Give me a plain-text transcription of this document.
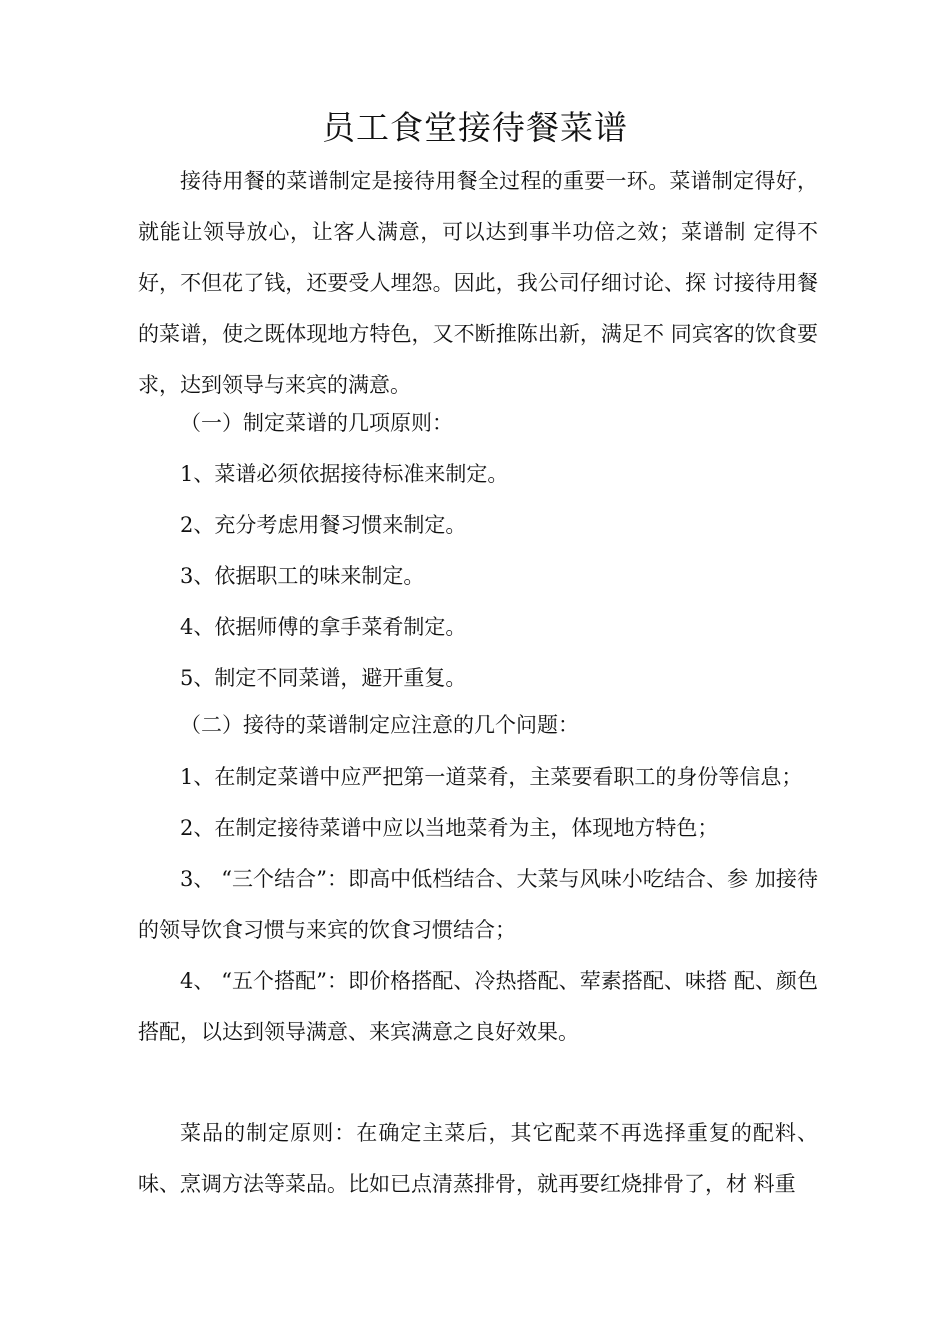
员工食堂接待餐菜谱

接待用餐的菜谱制定是接待用餐全过程的重要一环。菜谱制定得好，就能让领导放心，让客人满意，可以达到事半功倍之效；菜谱制 定得不好，不但花了钱，还要受人埋怨。因此，我公司仔细讨论、探 讨接待用餐的菜谱，使之既体现地方特色，又不断推陈出新，满足不 同宾客的饮食要求，达到领导与来宾的满意。

（一）制定菜谱的几项原则：

1、菜谱必须依据接待标准来制定。

2、充分考虑用餐习惯来制定。

3、依据职工的味来制定。

4、依据师傅的拿手菜肴制定。

5、制定不同菜谱，避开重复。

（二）接待的菜谱制定应注意的几个问题：

1、在制定菜谱中应严把第一道菜肴，主菜要看职工的身份等信息；

2、在制定接待菜谱中应以当地菜肴为主，体现地方特色；

3、 “三个结合”：即高中低档结合、大菜与风味小吃结合、参 加接待的领导饮食习惯与来宾的饮食习惯结合；

4、 “五个搭配”：即价格搭配、冷热搭配、荤素搭配、味搭 配、颜色搭配，以达到领导满意、来宾满意之良好效果。

菜品的制定原则：在确定主菜后，其它配菜不再选择重复的配料、味、烹调方法等菜品。比如已点清蒸排骨，就再要红烧排骨了，材 料重
